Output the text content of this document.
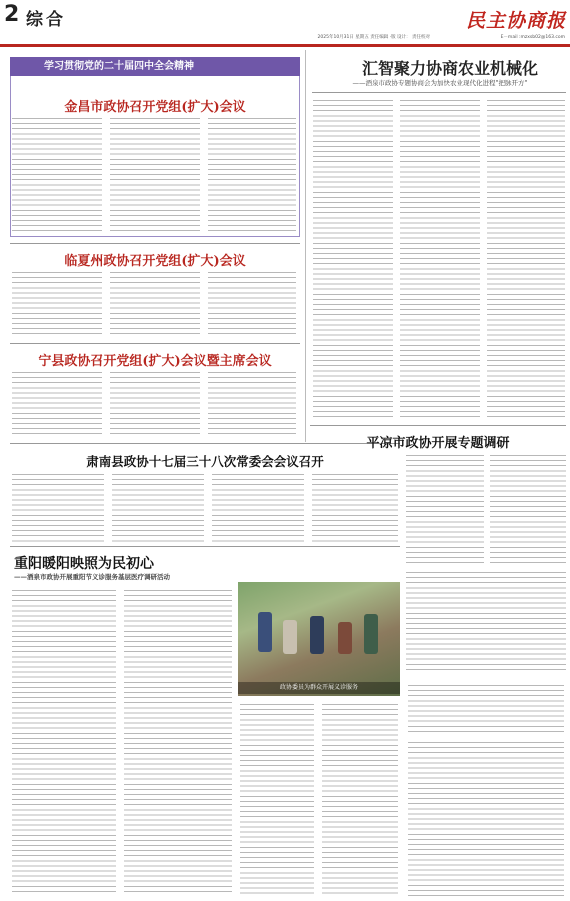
2 综合
2025年10月31日 星期五 责任编辑 ·版 设计： 责任校对	E－mail :mzxsb02@163.com
民主协商报
学习贯彻党的二十届四中全会精神
金昌市政协召开党组(扩大)会议
临夏州政协召开党组(扩大)会议
宁县政协召开党组(扩大)会议暨主席会议
肃南县政协十七届三十八次常委会会议召开
重阳暖阳映照为民初心
——酒泉市政协开展重阳节义诊服务基层医疗调研活动
政协委员为群众开展义诊服务
汇智聚力协商农业机械化
——酒泉市政协专题协商会为加快农业现代化进程"把脉开方"
平凉市政协开展专题调研
